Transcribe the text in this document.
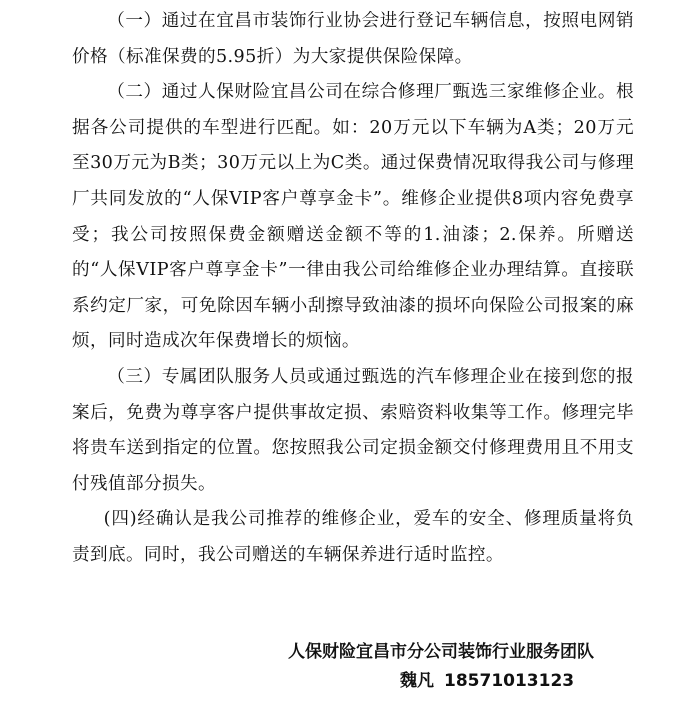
（一）通过在宜昌市装饰行业协会进行登记车辆信息，按照电网销价格（标准保费的5.95折）为大家提供保险保障。

（二）通过人保财险宜昌公司在综合修理厂甄选三家维修企业。根据各公司提供的车型进行匹配。如：20万元以下车辆为A类；20万元至30万元为B类；30万元以上为C类。通过保费情况取得我公司与修理厂共同发放的“人保VIP客户尊享金卡”。维修企业提供8项内容免费享受；我公司按照保费金额赠送金额不等的1.油漆；2.保养。所赠送的“人保VIP客户尊享金卡”一律由我公司给维修企业办理结算。直接联系约定厂家，可免除因车辆小刮擦导致油漆的损坏向保险公司报案的麻烦，同时造成次年保费增长的烦恼。

（三）专属团队服务人员或通过甄选的汽车修理企业在接到您的报案后，免费为尊享客户提供事故定损、索赔资料收集等工作。修理完毕将贵车送到指定的位置。您按照我公司定损金额交付修理费用且不用支付残值部分损失。

(四)经确认是我公司推荐的维修企业，爱车的安全、修理质量将负责到底。同时，我公司赠送的车辆保养进行适时监控。

人保财险宜昌市分公司装饰行业服务团队
魏凡 18571013123
